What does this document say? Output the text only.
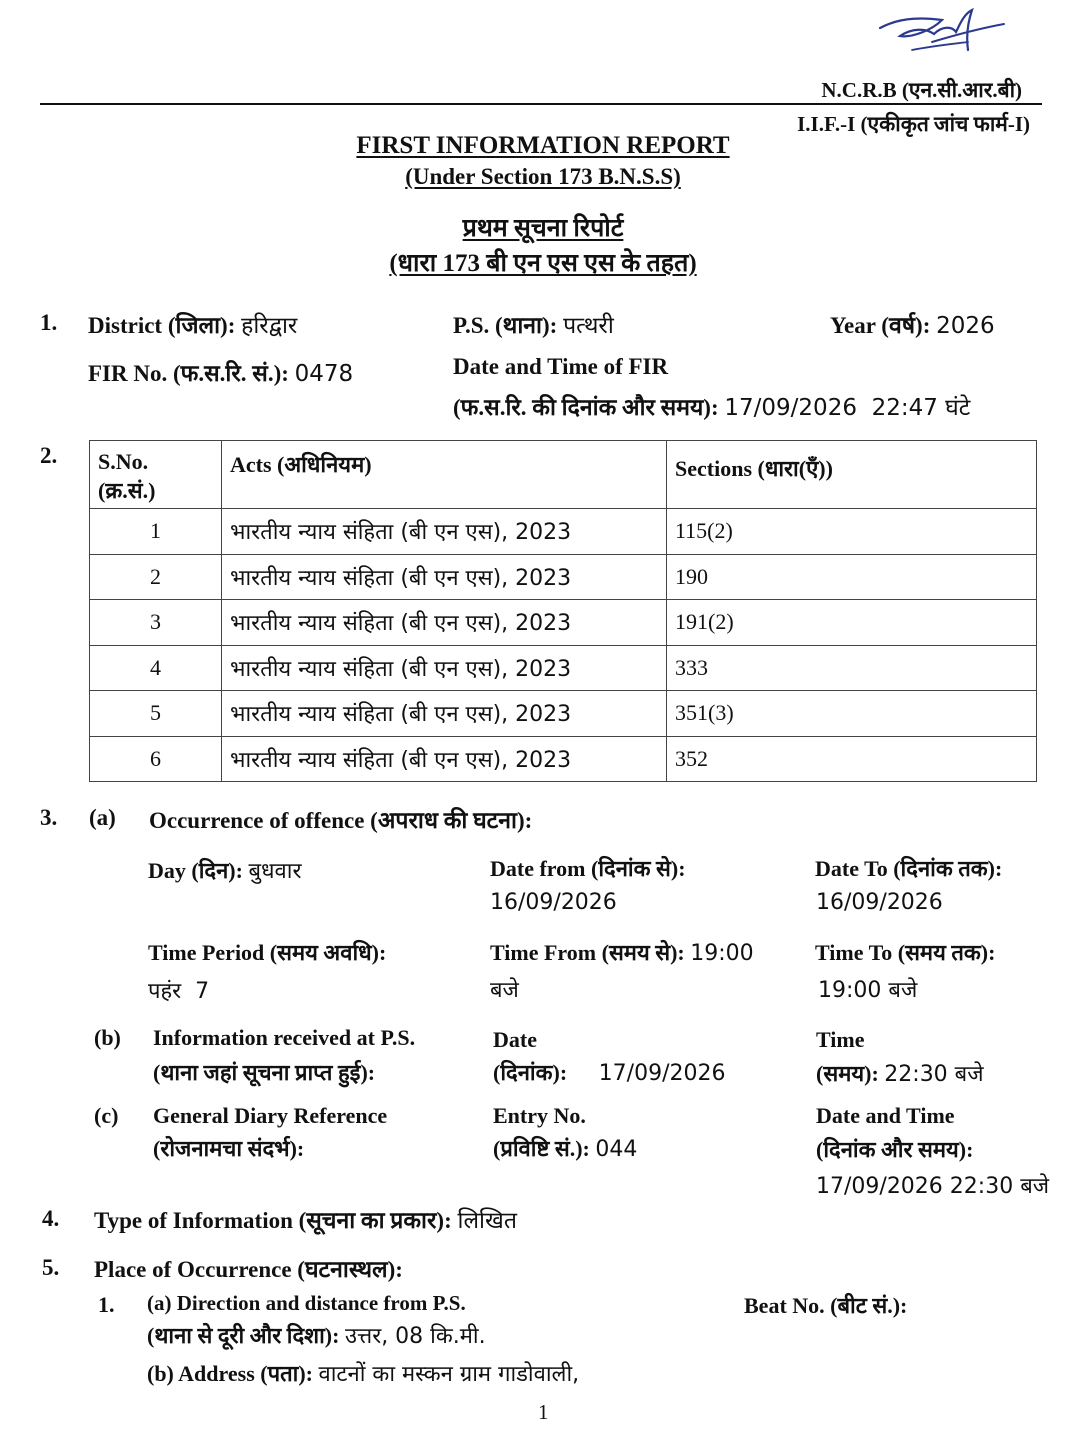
N.C.R.B (एन.सी.आर.बी)
I.I.F.-I (एकीकृत जांच फार्म-I)
FIRST INFORMATION REPORT
(Under Section 173 B.N.S.S)
प्रथम सूचना रिपोर्ट
(धारा 173 बी एन एस एस के तहत)
1. District (जिला): हरिद्वार	P.S. (थाना): पत्थरी	Year (वर्ष): 2026
FIR No. (फ.स.रि. सं.): 0478	Date and Time of FIR
(फ.स.रि. की दिनांक और समय): 17/09/2026  22:47 घंटे
2. S.No.
(क्र.सं.)	Acts (अधिनियम)	Sections (धारा(एँ))
1	भारतीय न्याय संहिता (बी एन एस), 2023	115(2)
2	भारतीय न्याय संहिता (बी एन एस), 2023	190
3	भारतीय न्याय संहिता (बी एन एस), 2023	191(2)
4	भारतीय न्याय संहिता (बी एन एस), 2023	333
5	भारतीय न्याय संहिता (बी एन एस), 2023	351(3)
6	भारतीय न्याय संहिता (बी एन एस), 2023	352
3. (a) Occurrence of offence (अपराध की घटना):
Day (दिन): बुधवार	Date from (दिनांक से):
16/09/2026
Date To (दिनांक तक):
16/09/2026
Time Period (समय अवधि):
पहंर  7
Time From (समय से): 19:00
बजे
Time To (समय तक):
19:00 बजे
(b) Information received at P.S.
(थाना जहां सूचना प्राप्त हुई):
Date
(दिनांक): 17/09/2026
Time
(समय): 22:30 बजे
(c) General Diary Reference
(रोजनामचा संदर्भ):
Entry No.
(प्रविष्टि सं.): 044
Date and Time
(दिनांक और समय):
17/09/2026 22:30 बजे
4. Type of Information (सूचना का प्रकार): लिखित
5. Place of Occurrence (घटनास्थल):
1. (a) Direction and distance from P.S.
(थाना से दूरी और दिशा): उत्तर, 08 कि.मी.
Beat No. (बीट सं.):
(b) Address (पता): वाटनों का मस्कन ग्राम गाडोवाली,
1
